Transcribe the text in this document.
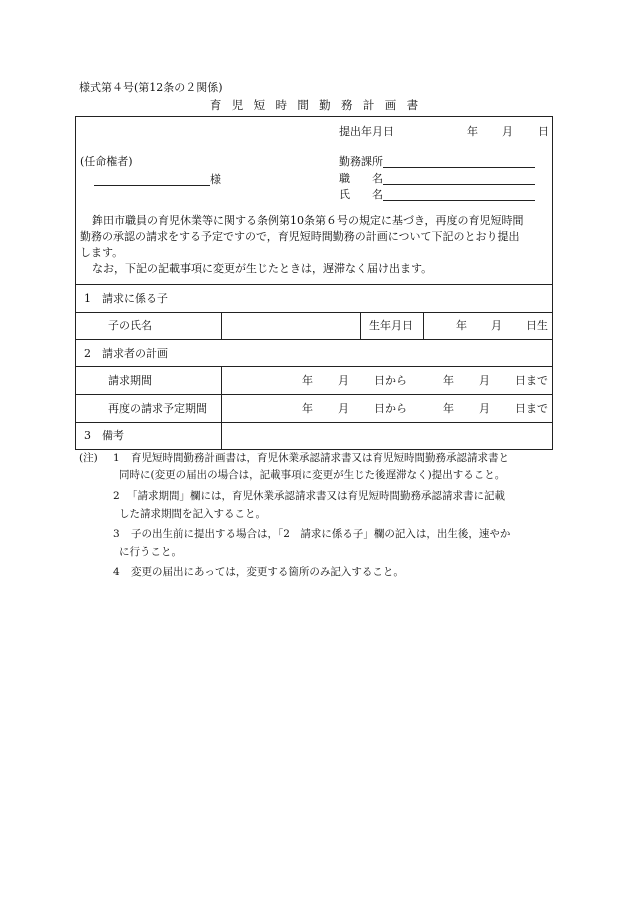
様式第４号(第12条の２関係)
育児短時間勤務計画書
提出年月日	年 月 日
(任命権者)
様
勤務課所
職　　名
氏　　名
鉾田市職員の育児休業等に関する条例第10条第６号の規定に基づき，再度の育児短時間
勤務の承認の請求をする予定ですので，育児短時間勤務の計画について下記のとおり提出
します。
なお，下記の記載事項に変更が生じたときは，遅滞なく届け出ます。
1　請求に係る子
子の氏名	生年月日	年 月 日生
2　請求者の計画
請求期間	年 月 日から	年 月 日まで
再度の請求予定期間	年 月 日から	年 月 日まで
3　備考
(注) 1 育児短時間勤務計画書は，育児休業承認請求書又は育児短時間勤務承認請求書と
同時に(変更の届出の場合は，記載事項に変更が生じた後遅滞なく)提出すること。
2 「請求期間」欄には，育児休業承認請求書又は育児短時間勤務承認請求書に記載
した請求期間を記入すること。
3 子の出生前に提出する場合は，「2　請求に係る子」欄の記入は，出生後，速やか
に行うこと。
4 変更の届出にあっては，変更する箇所のみ記入すること。
